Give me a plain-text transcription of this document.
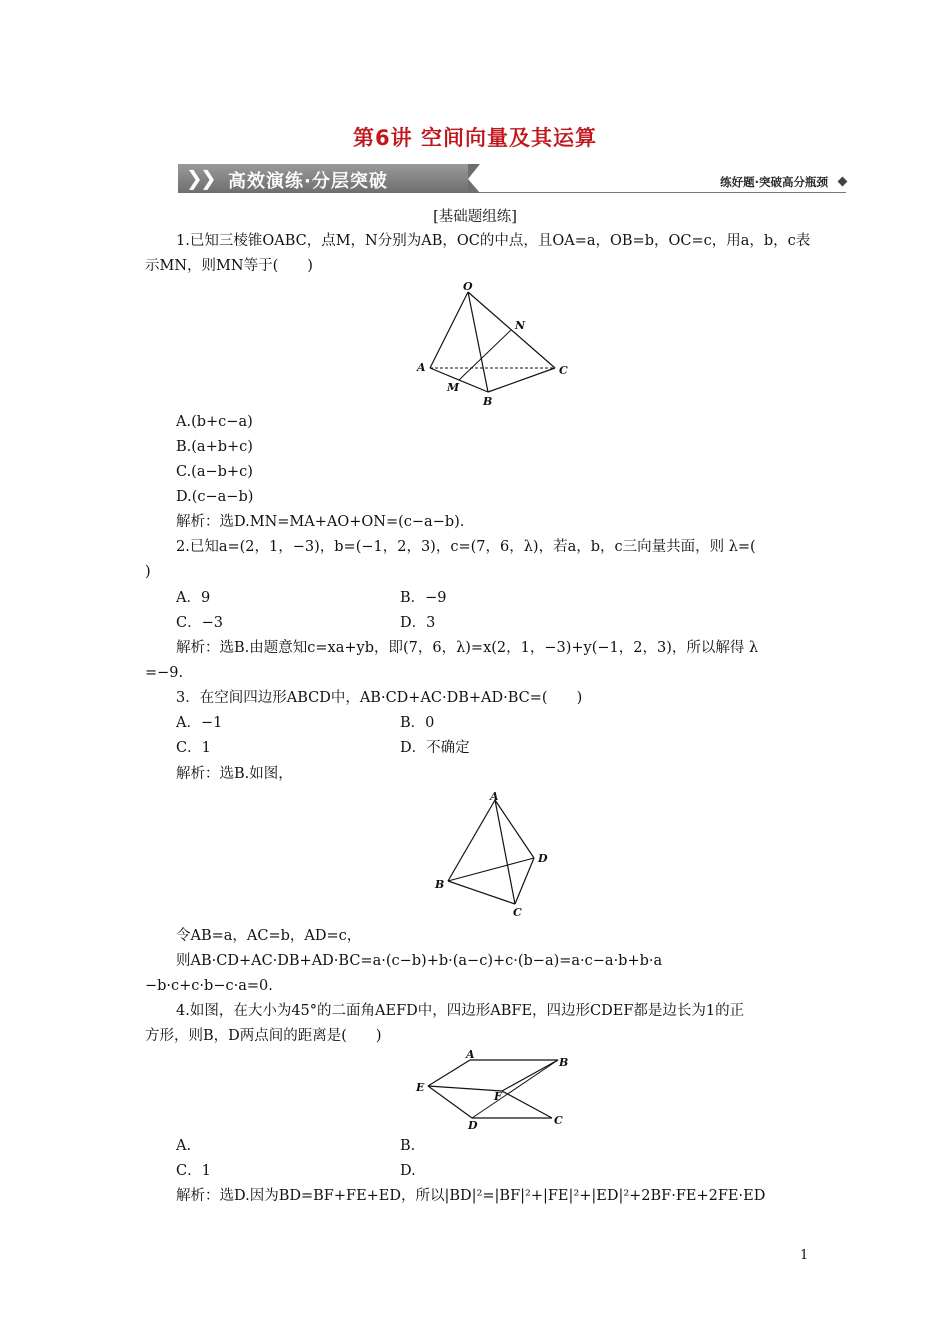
第6讲 空间向量及其运算
❯
❯ 高效演练·分层突破	练好题·突破高分瓶颈
[基础题组练]
1.已知三棱锥OABC，点M，N分别为AB，OC的中点，且OA=a，OB=b，OC=c，用a，b，c表
示MN，则MN等于(　　)
O
N
A	C
M
B
A.(b+c−a)
B.(a+b+c)
C.(a−b+c)
D.(c−a−b)
解析：选D.MN=MA+AO+ON=(c−a−b).
2.已知a=(2，1，−3)，b=(−1，2，3)，c=(7，6，λ)，若a，b，c三向量共面，则 λ=(
)
A．9	B．−9
C．−3	D．3
解析：选B.由题意知c=xa+yb，即(7，6，λ)=x(2，1，−3)+y(−1，2，3)，所以解得 λ
=−9.
3．在空间四边形ABCD中，AB·CD+AC·DB+AD·BC=(　　)
A．−1	B．0
C．1	D．不确定
解析：选B.如图，
A
D
B
C
令AB=a，AC=b，AD=c，
则AB·CD+AC·DB+AD·BC=a·(c−b)+b·(a−c)+c·(b−a)=a·c−a·b+b·a
−b·c+c·b−c·a=0.
4.如图，在大小为45°的二面角AEFD中，四边形ABFE，四边形CDEF都是边长为1的正
方形，则B，D两点间的距离是(　　)
A
B
E
F
D	C
A.	B.
C．1	D.
解析：选D.因为BD=BF+FE+ED，所以|BD|²=|BF|²+|FE|²+|ED|²+2BF·FE+2FE·ED
1
